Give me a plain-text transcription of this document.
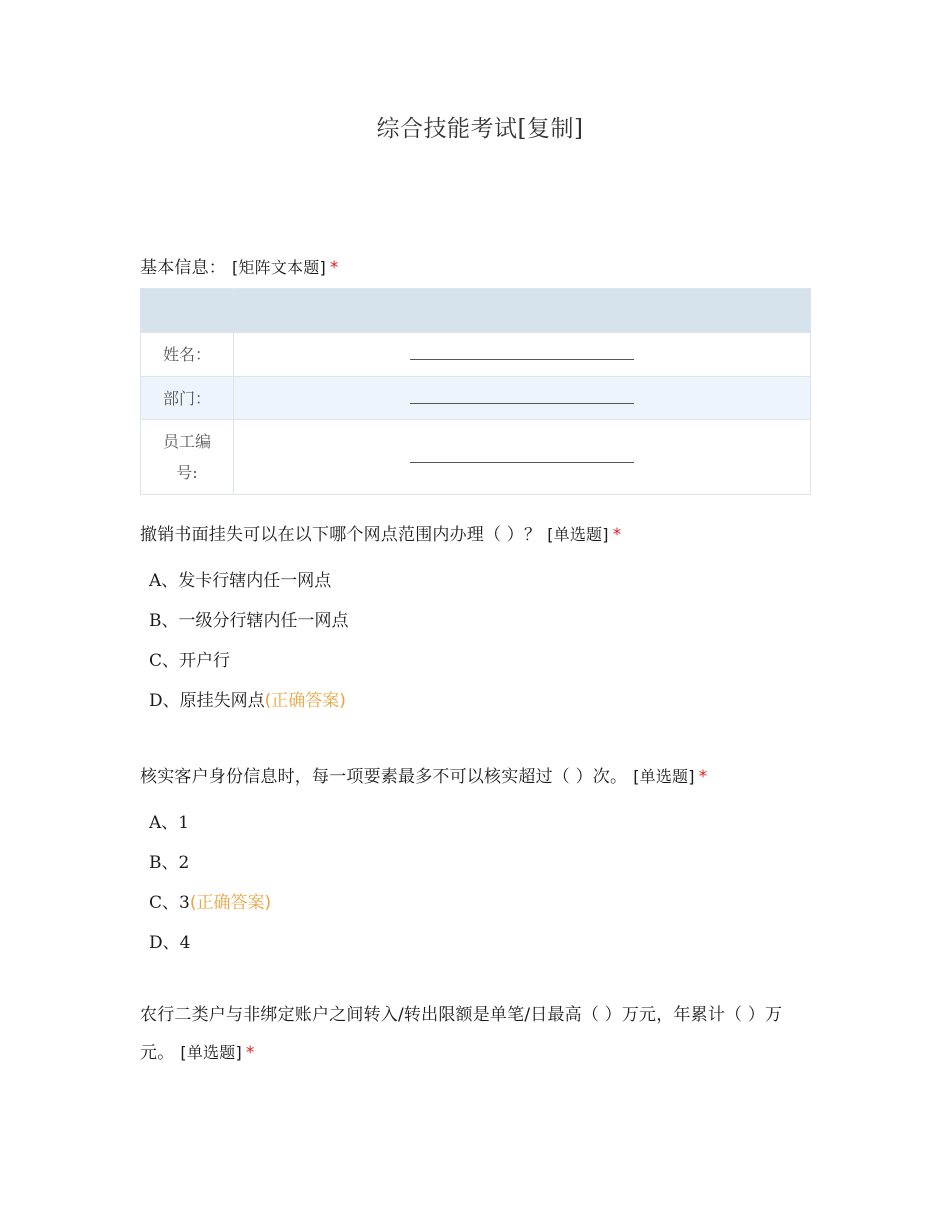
综合技能考试[复制]
基本信息： [矩阵文本题] *

姓名：	
部门：	

员工编号:	

撤销书面挂失可以在以下哪个网点范围内办理（ ）？ [单选题] *
A、发卡行辖内任一网点
B、一级分行辖内任一网点
C、开户行
D、原挂失网点(正确答案)
核实客户身份信息时，每一项要素最多不可以核实超过（ ）次。 [单选题] *
A、1
B、2
C、3(正确答案)
D、4
农行二类户与非绑定账户之间转入/转出限额是单笔/日最高（ ）万元，年累计（ ）万元。 [单选题] *
